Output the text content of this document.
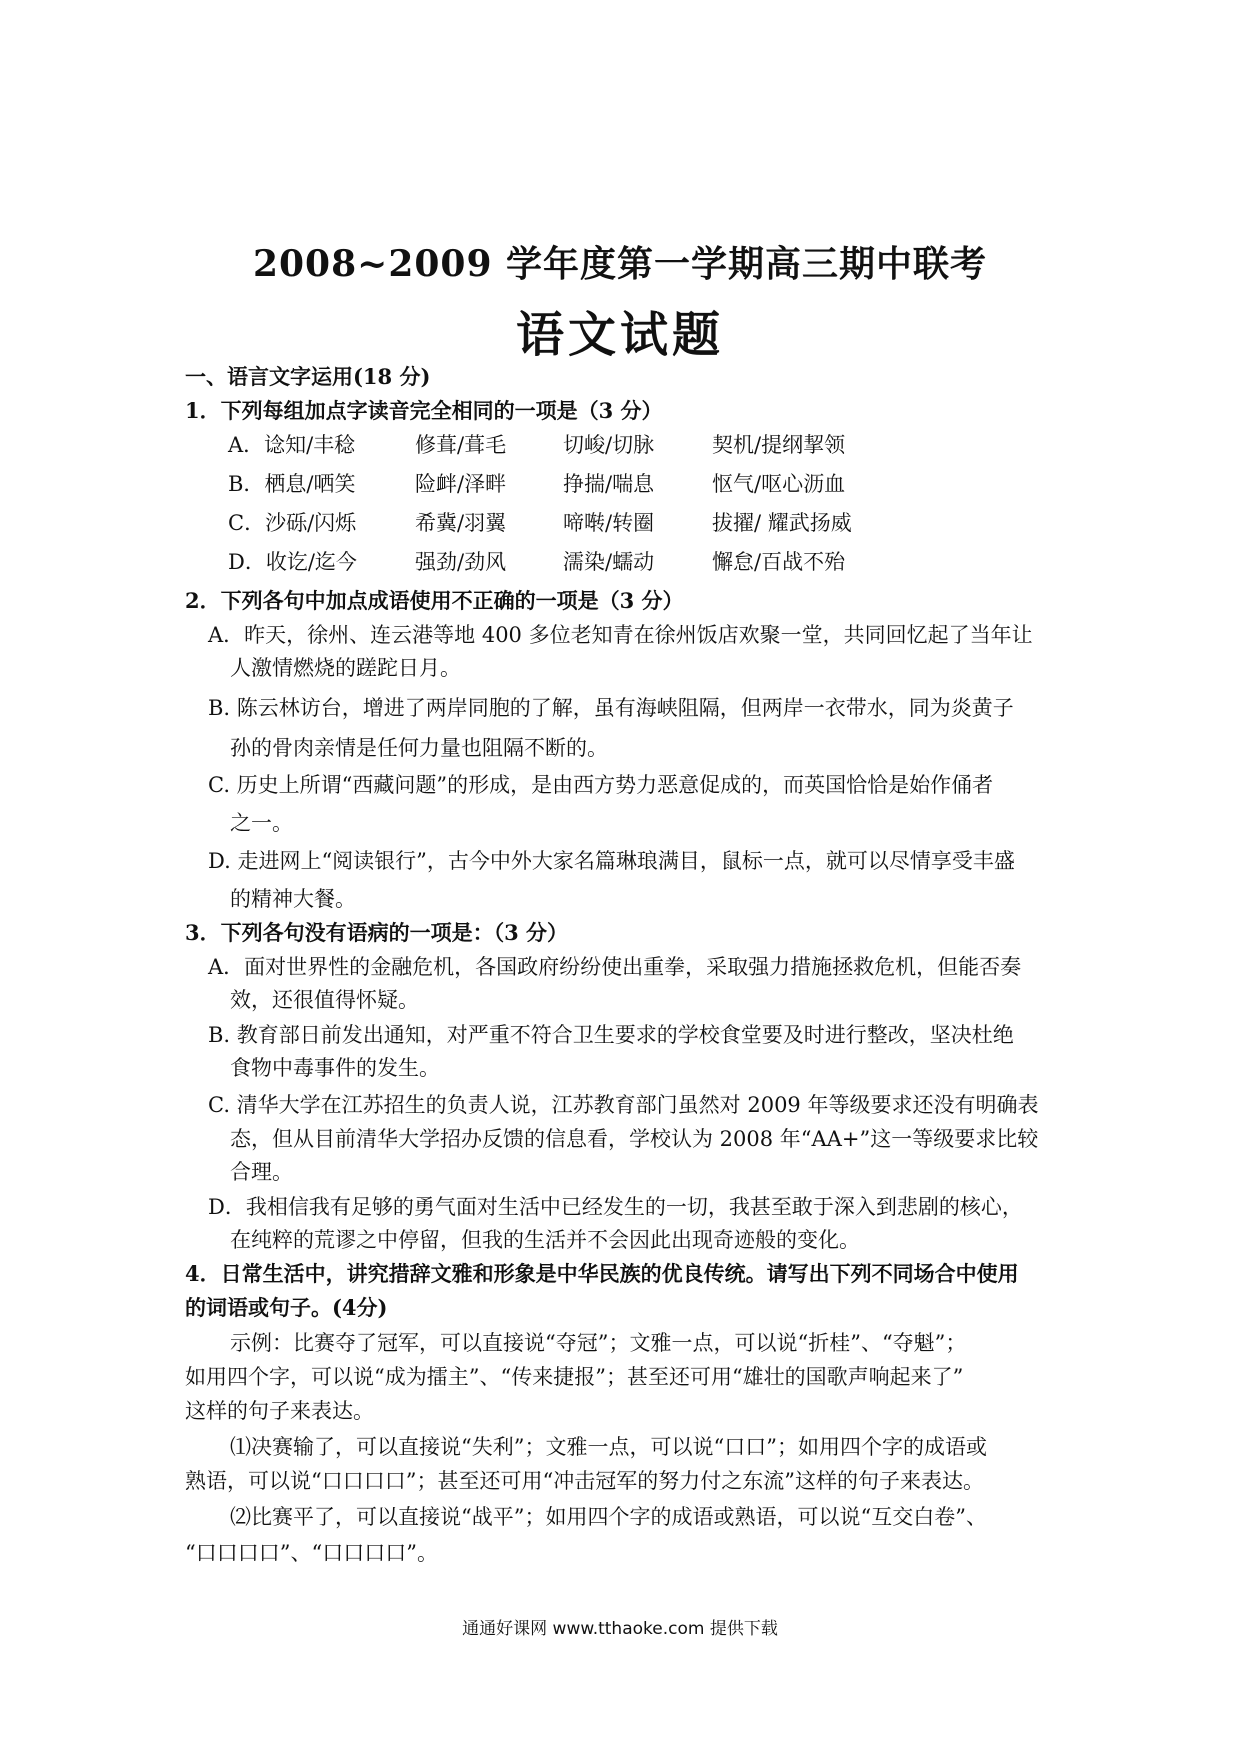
2008~2009 学年度第一学期高三期中联考
语文试题
一、语言文字运用(18 分)
1．下列每组加点字读音完全相同的一项是（3 分）
A．谂知/丰稔	修葺/葺毛	切峻/切脉	契机/提纲挈领
B．栖息/哂笑	险衅/泽畔	挣揣/喘息	怄气/呕心沥血
C．沙砾/闪烁	希冀/羽翼	啼啭/转圈	拔擢/ 耀武扬威
D．收讫/迄今	强劲/劲风	濡染/蠕动	懈怠/百战不殆
2．下列各句中加点成语使用不正确的一项是（3 分）
A．昨天，徐州、连云港等地 400 多位老知青在徐州饭店欢聚一堂，共同回忆起了当年让
人激情燃烧的蹉跎日月。
B. 陈云林访台，增进了两岸同胞的了解，虽有海峡阻隔，但两岸一衣带水，同为炎黄子
孙的骨肉亲情是任何力量也阻隔不断的。
C. 历史上所谓“西藏问题”的形成，是由西方势力恶意促成的，而英国恰恰是始作俑者
之一。
D. 走进网上“阅读银行”，古今中外大家名篇琳琅满目，鼠标一点，就可以尽情享受丰盛
的精神大餐。
3．下列各句没有语病的一项是：（3 分）
A．面对世界性的金融危机，各国政府纷纷使出重拳，采取强力措施拯救危机，但能否奏
效，还很值得怀疑。
B. 教育部日前发出通知，对严重不符合卫生要求的学校食堂要及时进行整改，坚决杜绝
食物中毒事件的发生。
C. 清华大学在江苏招生的负责人说，江苏教育部门虽然对 2009 年等级要求还没有明确表
态，但从目前清华大学招办反馈的信息看，学校认为 2008 年“AA+”这一等级要求比较
合理。
D．我相信我有足够的勇气面对生活中已经发生的一切，我甚至敢于深入到悲剧的核心，
在纯粹的荒谬之中停留，但我的生活并不会因此出现奇迹般的变化。
4．日常生活中，讲究措辞文雅和形象是中华民族的优良传统。请写出下列不同场合中使用
的词语或句子。(4分)
示例：比赛夺了冠军，可以直接说“夺冠”；文雅一点，可以说“折桂”、“夺魁”；
如用四个字，可以说“成为擂主”、“传来捷报”；甚至还可用“雄壮的国歌声响起来了”
这样的句子来表达。
⑴决赛输了，可以直接说“失利”；文雅一点，可以说“口口”；如用四个字的成语或
熟语，可以说“口口口口”；甚至还可用“冲击冠军的努力付之东流”这样的句子来表达。
⑵比赛平了，可以直接说“战平”；如用四个字的成语或熟语，可以说“互交白卷”、
“口口口口”、“口口口口”。
通通好课网 www.tthaoke.com 提供下载
